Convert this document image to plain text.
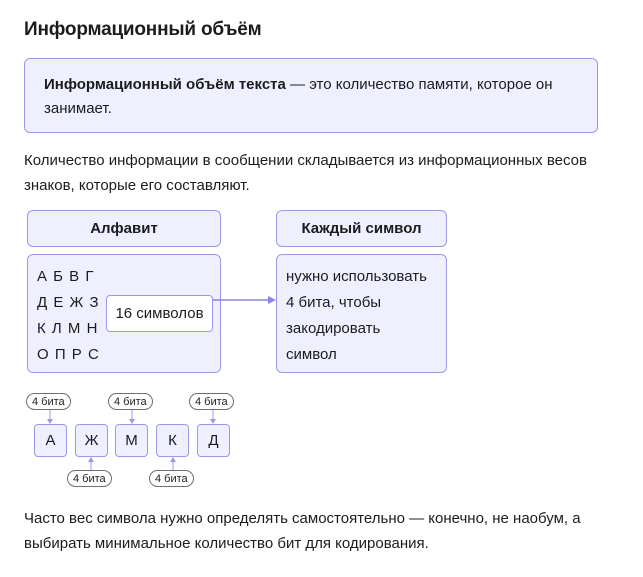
Информационный объём
Информационный объём текста — это количество памяти, которое он занимает.
Количество информации в сообщении складывается из информационных весов знаков, которые его составляют.
Алфавит	Каждый символ
А Б В Г
Д Е Ж З
К Л М Н
О П Р С
16 символов
нужно использовать
4 бита, чтобы
закодировать
символ
4 бита	4 бита	4 бита
А	Ж	М	К	Д
4 бита	4 бита
Часто вес символа нужно определять самостоятельно — конечно, не наобум, а выбирать минимальное количество бит для кодирования.
